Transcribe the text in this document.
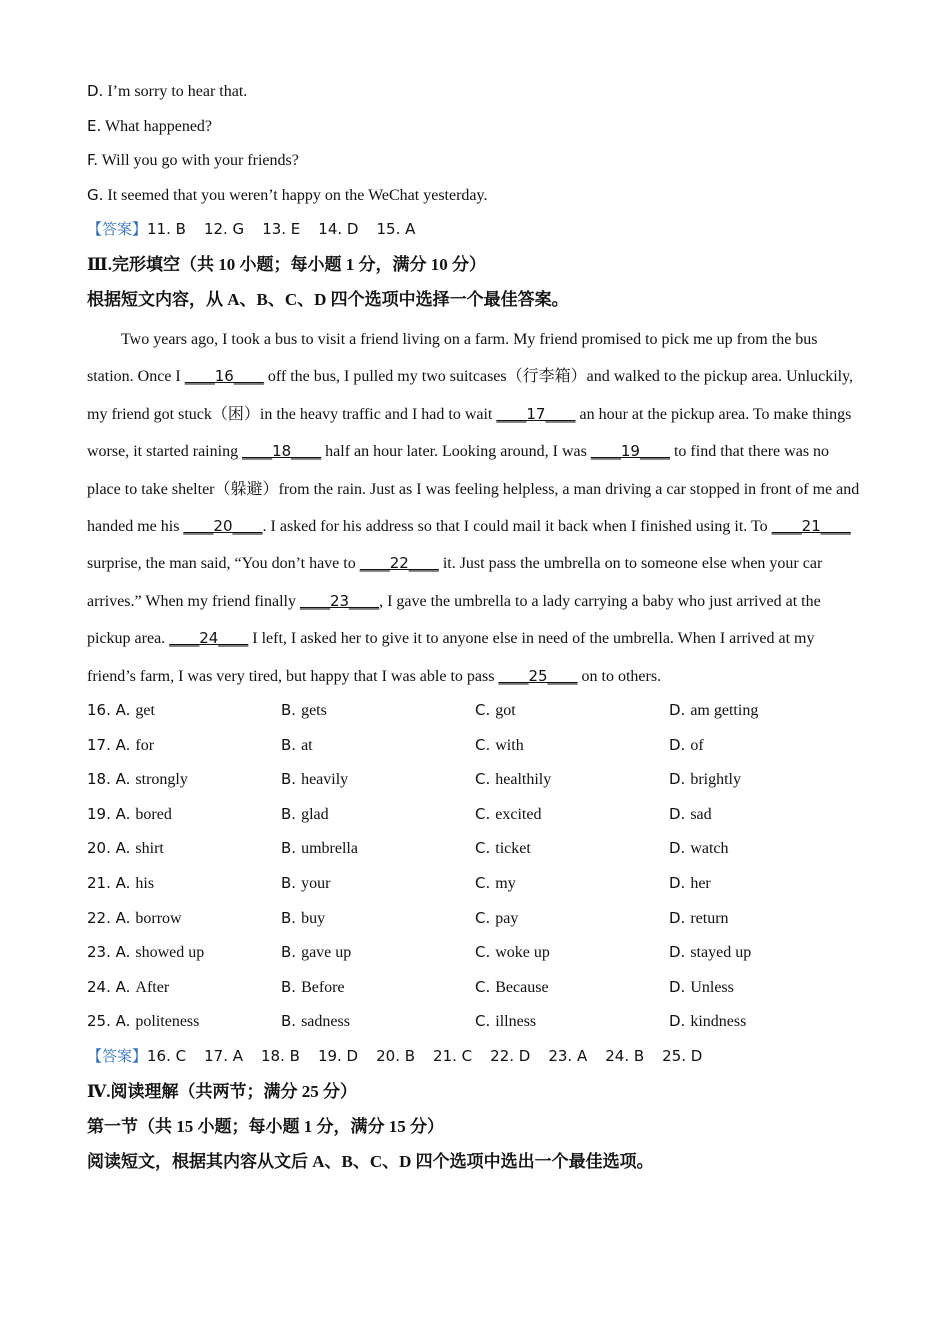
D. I’m sorry to hear that.
E. What happened?
F. Will you go with your friends?
G. It seemed that you weren’t happy on the WeChat yesterday.
【答案】11. B 12. G 13. E 14. D 15. A
Ⅲ.完形填空（共 10 小题；每小题 1 分，满分 10 分）
根据短文内容，从 A、B、C、D 四个选项中选择一个最佳答案。

Two years ago, I took a bus to visit a friend living on a farm. My friend promised to pick me up from the bus station. Once I ____16____ off the bus, I pulled my two suitcases（行李箱）and walked to the pickup area. Unluckily, my friend got stuck（困）in the heavy traffic and I had to wait ____17____ an hour at the pickup area. To make things worse, it started raining ____18____ half an hour later. Looking around, I was ____19____ to find that there was no place to take shelter（躲避）from the rain. Just as I was feeling helpless, a man driving a car stopped in front of me and handed me his ____20____. I asked for his address so that I could mail it back when I finished using it. To ____21____ surprise, the man said, “You don’t have to ____22____ it. Just pass the umbrella on to someone else when your car arrives.” When my friend finally ____23____, I gave the umbrella to a lady carrying a baby who just arrived at the pickup area. ____24____ I left, I asked her to give it to anyone else in need of the umbrella. When I arrived at my friend’s farm, I was very tired, but happy that I was able to pass ____25____ on to others.

16. A. get	B. gets	C. got	D. am getting
17. A. for	B. at	C. with	D. of
18. A. strongly	B. heavily	C. healthily	D. brightly
19. A. bored	B. glad	C. excited	D. sad
20. A. shirt	B. umbrella	C. ticket	D. watch
21. A. his	B. your	C. my	D. her
22. A. borrow	B. buy	C. pay	D. return
23. A. showed up	B. gave up	C. woke up	D. stayed up
24. A. After	B. Before	C. Because	D. Unless
25. A. politeness	B. sadness	C. illness	D. kindness
【答案】16. C 17. A 18. B 19. D 20. B 21. C 22. D 23. A 24. B 25. D
Ⅳ.阅读理解（共两节；满分 25 分）
第一节（共 15 小题；每小题 1 分，满分 15 分）
阅读短文，根据其内容从文后 A、B、C、D 四个选项中选出一个最佳选项。
